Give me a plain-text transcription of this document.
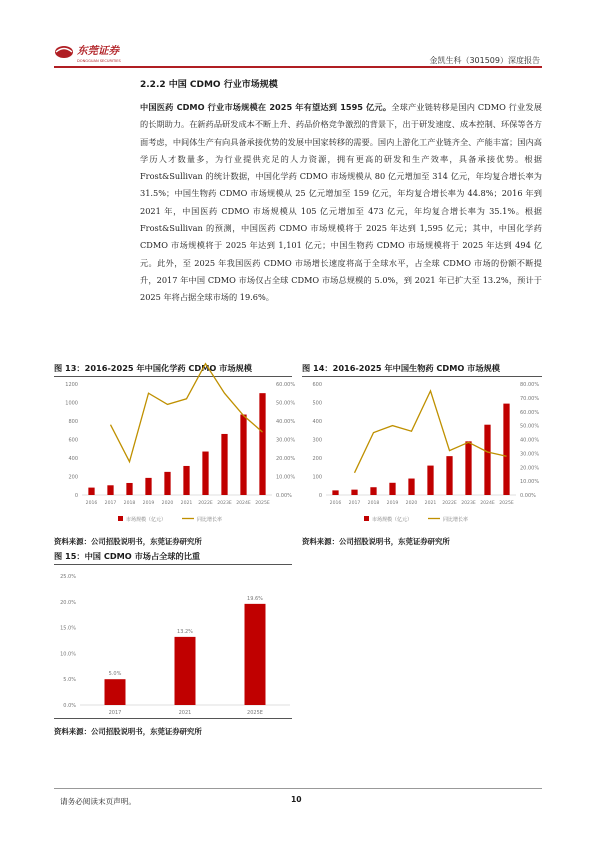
东莞证券
DONGGUAN SECURITIES	金凯生科（301509）深度报告
2.2.2 中国 CDMO 行业市场规模
中国医药 CDMO 行业市场规模在 2025 年有望达到 1595 亿元。全球产业链转移是国内 CDMO 行业发展的长期助力。在新药品研发成本不断上升、药品价格竞争激烈的背景下，出于研发速度、成本控制、环保等各方面考虑，中间体生产有向具备承接优势的发展中国家转移的需要。国内上游化工产业链齐全、产能丰富；国内高学历人才数量多，为行业提供充足的人力资源，拥有更高的研发和生产效率，具备承接优势。根据 Frost&Sullivan 的统计数据，中国化学药 CDMO 市场规模从 80 亿元增加至 314 亿元，年均复合增长率为 31.5%；中国生物药 CDMO 市场规模从 25 亿元增加至 159 亿元，年均复合增长率为 44.8%；2016 年到 2021 年，中国医药 CDMO 市场规模从 105 亿元增加至 473 亿元，年均复合增长率为 35.1%。根据 Frost&Sullivan 的预测，中国医药 CDMO 市场规模将于 2025 年达到 1,595 亿元；其中，中国化学药 CDMO 市场规模将于 2025 年达到 1,101 亿元；中国生物药 CDMO 市场规模将于 2025 年达到 494 亿元。此外，至 2025 年我国医药 CDMO 市场增长速度将高于全球水平，占全球 CDMO 市场的份额不断提升，2017 年中国 CDMO 市场仅占全球 CDMO 市场总规模的 5.0%，到 2021 年已扩大至 13.2%，预计于 2025 年将占据全球市场的 19.6%。
图 13：2016-2025 年中国化学药 CDMO 市场规模
0
200
400
600
800
1000
1200
0.00%
10.00%
20.00%
30.00%
40.00%
50.00%
60.00%
2016 2017 2018 2019 2020 2021 2022E 2023E 2024E 2025E
市场规模（亿元）	同比增长率
资料来源：公司招股说明书，东莞证券研究所
图 14：2016-2025 年中国生物药 CDMO 市场规模
0
100
200
300
400
500
600
0.00%
10.00%
20.00%
30.00%
40.00%
50.00%
60.00%
70.00%
80.00%
2016 2017 2018 2019 2020 2021 2022E 2023E 2024E 2025E
市场规模（亿元）	同比增长率
资料来源：公司招股说明书，东莞证券研究所
图 15：中国 CDMO 市场占全球的比重
0.0%
5.0%
10.0%
15.0%
20.0%
25.0%
5.0%
2017
13.2%
2021
19.6%
2025E
资料来源：公司招股说明书，东莞证券研究所
请务必阅读末页声明。	10
